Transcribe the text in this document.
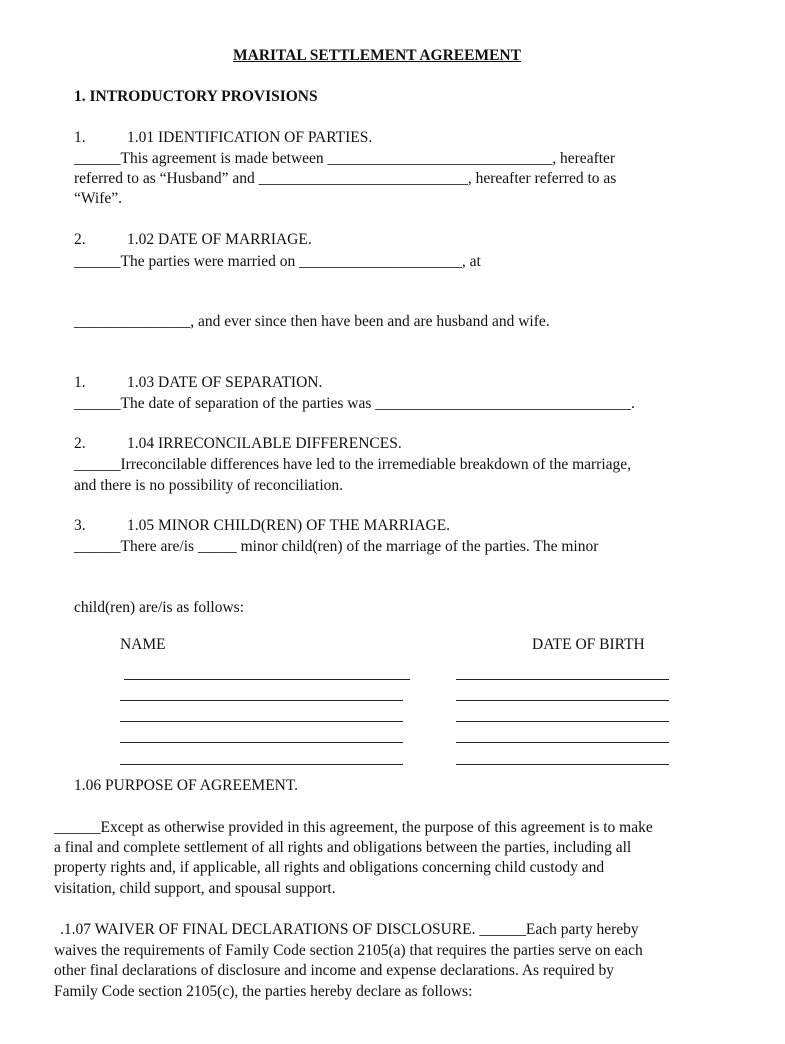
MARITAL SETTLEMENT AGREEMENT
1. INTRODUCTORY PROVISIONS
1.	1.01 IDENTIFICATION OF PARTIES.
______This agreement is made between _____________________________, hereafter
referred to as “Husband” and ___________________________, hereafter referred to as
“Wife”.
2.	1.02 DATE OF MARRIAGE.
______The parties were married on _____________________, at
_______________, and ever since then have been and are husband and wife.
1.	1.03 DATE OF SEPARATION.
______The date of separation of the parties was _________________________________.
2.	1.04 IRRECONCILABLE DIFFERENCES.
______Irreconcilable differences have led to the irremediable breakdown of the marriage,
and there is no possibility of reconciliation.
3.	1.05 MINOR CHILD(REN) OF THE MARRIAGE.
______There are/is _____ minor child(ren) of the marriage of the parties. The minor
child(ren) are/is as follows:
NAME	DATE OF BIRTH
1.06 PURPOSE OF AGREEMENT.
______Except as otherwise provided in this agreement, the purpose of this agreement is to make
a final and complete settlement of all rights and obligations between the parties, including all
property rights and, if applicable, all rights and obligations concerning child custody and
visitation, child support, and spousal support.
.1.07 WAIVER OF FINAL DECLARATIONS OF DISCLOSURE. ______Each party hereby
waives the requirements of Family Code section 2105(a) that requires the parties serve on each
other final declarations of disclosure and income and expense declarations. As required by
Family Code section 2105(c), the parties hereby declare as follows:
